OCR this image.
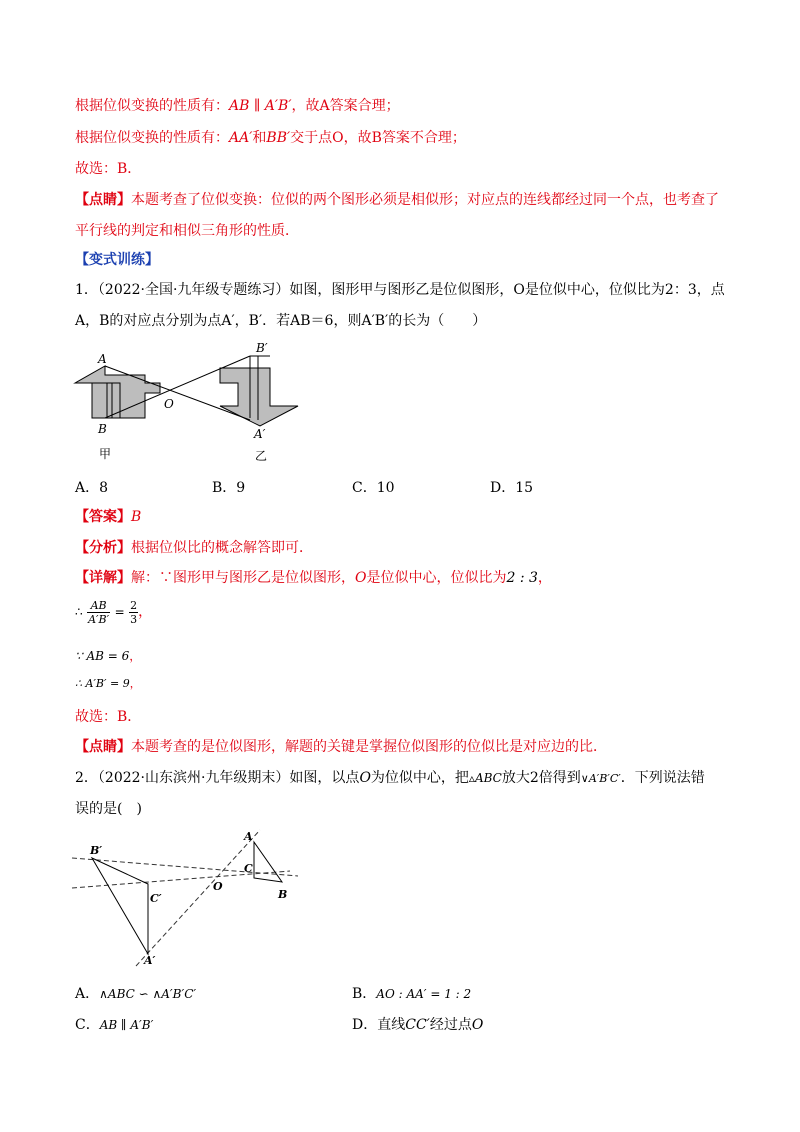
根据位似变换的性质有：AB ∥ A′B′，故A答案合理；
根据位似变换的性质有：AA′和BB′交于点O，故B答案不合理；
故选：B．
【点睛】本题考查了位似变换：位似的两个图形必须是相似形；对应点的连线都经过同一个点，也考查了
平行线的判定和相似三角形的性质．
【变式训练】
1．（2022·全国·九年级专题练习）如图，图形甲与图形乙是位似图形，O是位似中心，位似比为2：3，点
A，B的对应点分别为点A′，B′．若AB＝6，则A′B′的长为（　　）
A
B
O
B′
A′
甲	乙
A．8	B．9	C．10	D．15
【答案】B
【分析】根据位似比的概念解答即可．
【详解】解：∵图形甲与图形乙是位似图形，O是位似中心，位似比为2 : 3，
∴ $\frac{AB}{A'B'} = \frac{2}{3}$ ，
∵ AB = 6，
∴ A′B′ = 9，
故选：B．
【点睛】本题考查的是位似图形，解题的关键是掌握位似图形的位似比是对应边的比．
2．（2022·山东滨州·九年级期末）如图，以点O为位似中心，把▵ABC放大2倍得到∨A′B′C′．下列说法错
误的是(　)
B′
C′
A′
O
A
C
B
A．∧ABC ∽ ∧A′B′C′	B．AO : AA′ = 1 : 2
C．AB ∥ A′B′	D．直线CC′经过点O
